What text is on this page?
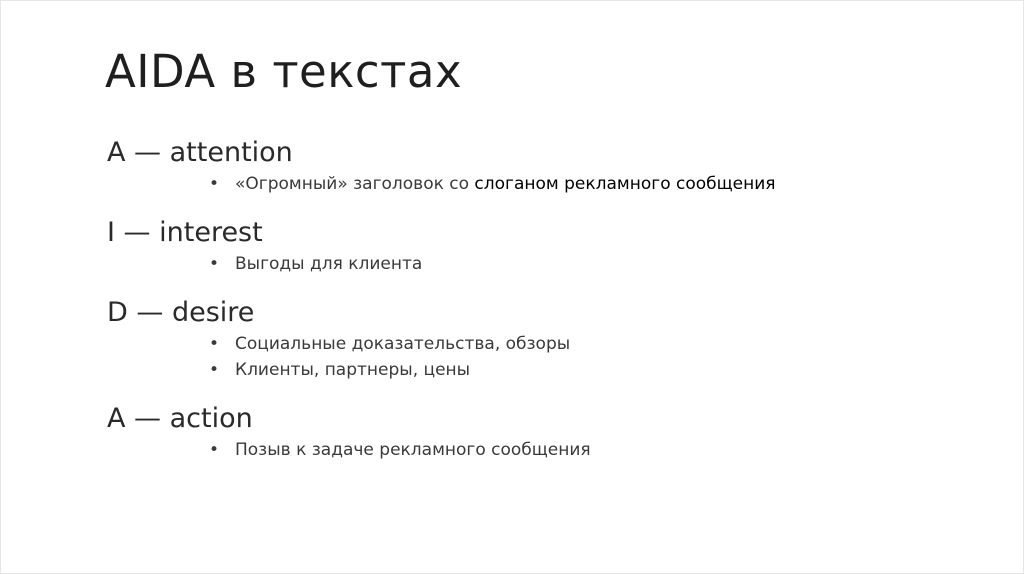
AIDA в текстах
A — attention
• «Огромный» заголовок со слоганом рекламного сообщения
I — interest
• Выгоды для клиента
D — desire
• Социальные доказательства, обзоры
• Клиенты, партнеры, цены
A — action
• Позыв к задаче рекламного сообщения
